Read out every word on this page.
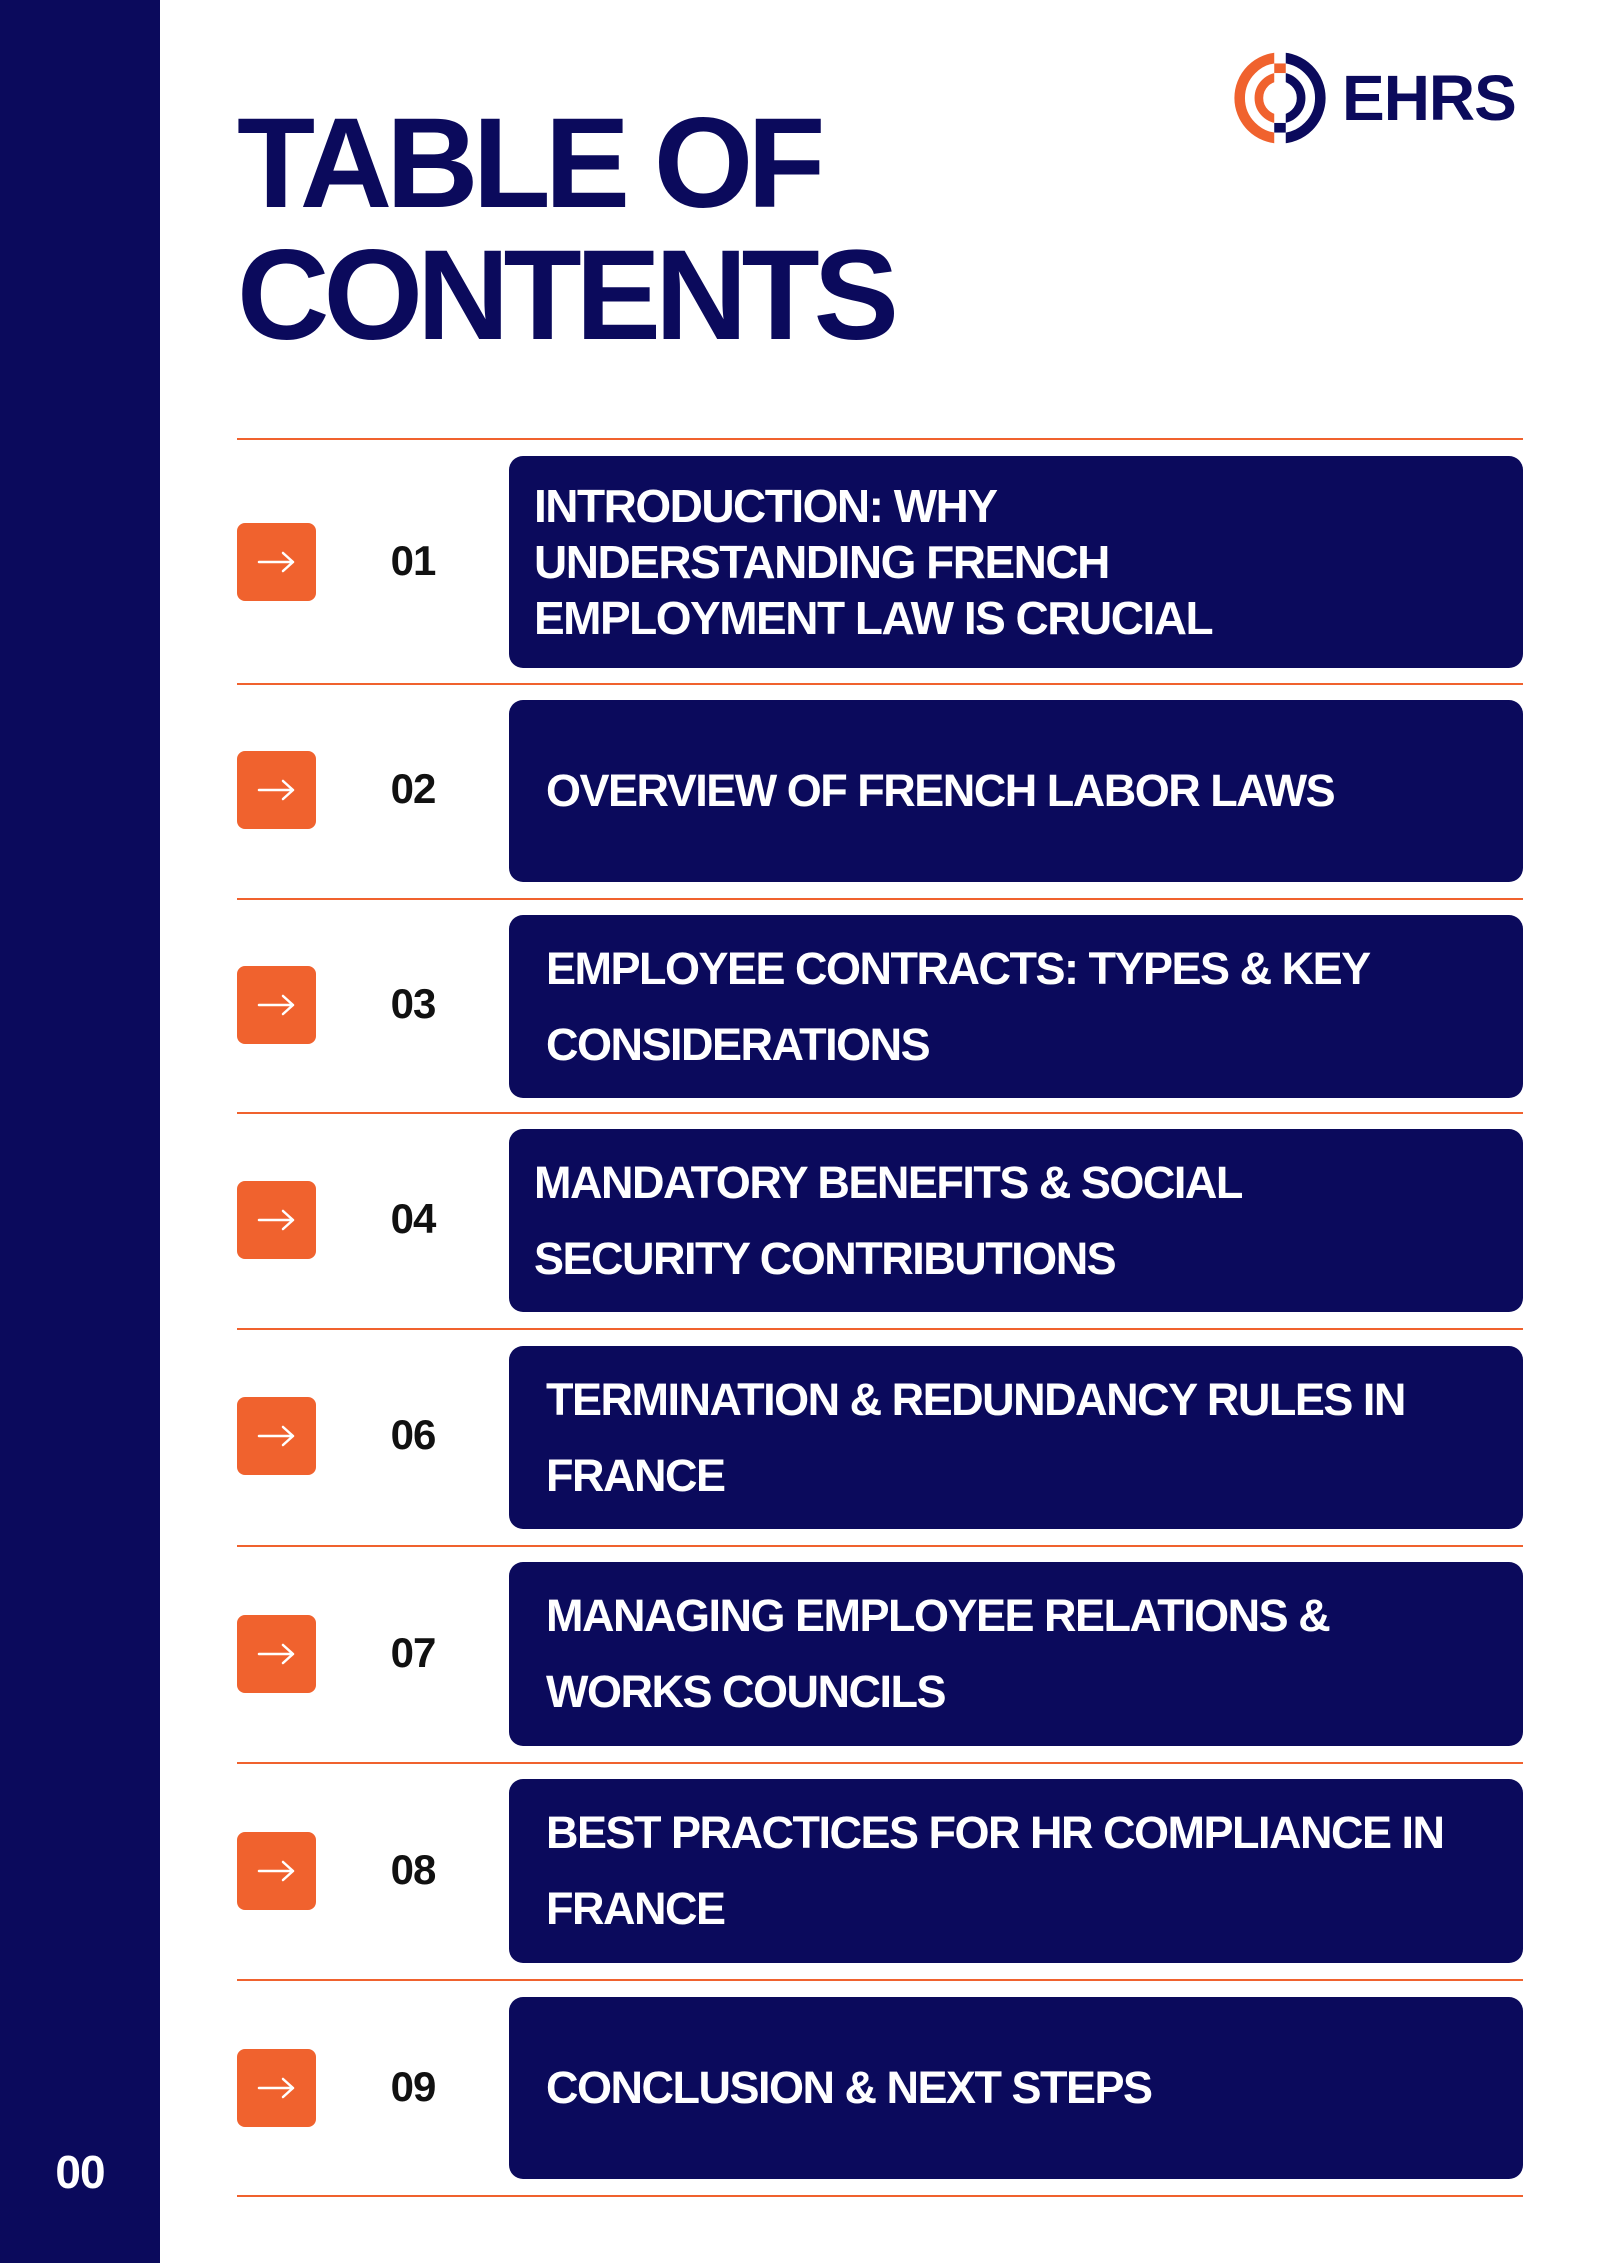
00
TABLE OF
CONTENTS
EHRS
01
INTRODUCTION: WHY UNDERSTANDING FRENCH EMPLOYMENT LAW IS CRUCIAL
02	OVERVIEW OF FRENCH LABOR LAWS
03
EMPLOYEE CONTRACTS: TYPES & KEY CONSIDERATIONS
04
MANDATORY BENEFITS & SOCIAL SECURITY CONTRIBUTIONS
06
TERMINATION & REDUNDANCY RULES IN FRANCE
07
MANAGING EMPLOYEE RELATIONS & WORKS COUNCILS
08
BEST PRACTICES FOR HR COMPLIANCE IN FRANCE
09	CONCLUSION & NEXT STEPS
